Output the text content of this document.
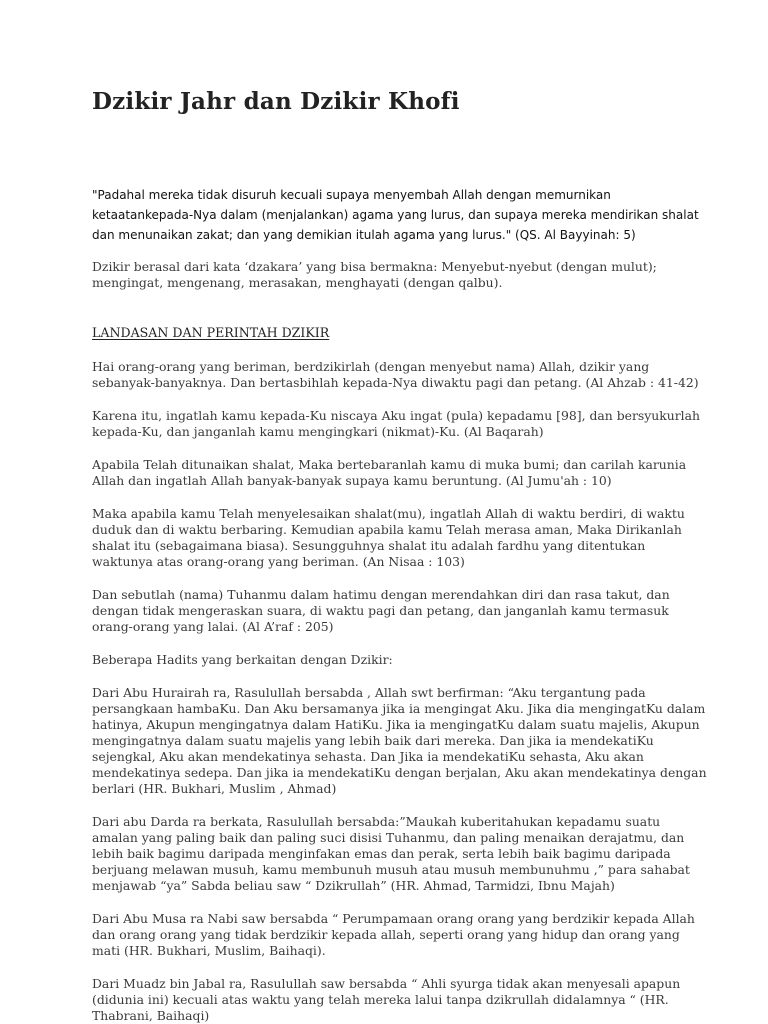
Dzikir Jahr dan Dzikir Khofi

"Padahal mereka tidak disuruh kecuali supaya menyembah Allah dengan memurnikan ketaatankepada-Nya dalam (menjalankan) agama yang lurus, dan supaya mereka mendirikan shalat dan menunaikan zakat; dan yang demikian itulah agama yang lurus." (QS. Al Bayyinah: 5)

Dzikir berasal dari kata ‘dzakara’ yang bisa bermakna: Menyebut-nyebut (dengan mulut); mengingat, mengenang, merasakan, menghayati (dengan qalbu).

LANDASAN DAN PERINTAH DZIKIR

Hai orang-orang yang beriman, berdzikirlah (dengan menyebut nama) Allah, dzikir yang sebanyak-banyaknya. Dan bertasbihlah kepada-Nya diwaktu pagi dan petang. (Al Ahzab : 41-42)

Karena itu, ingatlah kamu kepada-Ku niscaya Aku ingat (pula) kepadamu [98], dan bersyukurlah kepada-Ku, dan janganlah kamu mengingkari (nikmat)-Ku. (Al Baqarah)

Apabila Telah ditunaikan shalat, Maka bertebaranlah kamu di muka bumi; dan carilah karunia Allah dan ingatlah Allah banyak-banyak supaya kamu beruntung. (Al Jumu'ah : 10)

Maka apabila kamu Telah menyelesaikan shalat(mu), ingatlah Allah di waktu berdiri, di waktu duduk dan di waktu berbaring. Kemudian apabila kamu Telah merasa aman, Maka Dirikanlah shalat itu (sebagaimana biasa). Sesungguhnya shalat itu adalah fardhu yang ditentukan waktunya atas orang-orang yang beriman. (An Nisaa : 103)

Dan sebutlah (nama) Tuhanmu dalam hatimu dengan merendahkan diri dan rasa takut, dan dengan tidak mengeraskan suara, di waktu pagi dan petang, dan janganlah kamu termasuk orang-orang yang lalai. (Al A’raf : 205)

Beberapa Hadits yang berkaitan dengan Dzikir:

Dari Abu Hurairah ra, Rasulullah bersabda , Allah swt berfirman: “Aku tergantung pada persangkaan hambaKu. Dan Aku bersamanya jika ia mengingat Aku. Jika dia mengingatKu dalam hatinya, Akupun mengingatnya dalam HatiKu. Jika ia mengingatKu dalam suatu majelis, Akupun mengingatnya dalam suatu majelis yang lebih baik dari mereka. Dan jika ia mendekatiKu sejengkal, Aku akan mendekatinya sehasta. Dan Jika ia mendekatiKu sehasta, Aku akan mendekatinya sedepa. Dan jika ia mendekatiKu dengan berjalan, Aku akan mendekatinya dengan berlari (HR. Bukhari, Muslim , Ahmad)

Dari abu Darda ra berkata, Rasulullah bersabda:”Maukah kuberitahukan kepadamu suatu amalan yang paling baik dan paling suci disisi Tuhanmu, dan paling menaikan derajatmu, dan lebih baik bagimu daripada menginfakan emas dan perak, serta lebih baik bagimu daripada berjuang melawan musuh, kamu membunuh musuh atau musuh membunuhmu ,” para sahabat menjawab “ya” Sabda beliau saw “ Dzikrullah” (HR. Ahmad, Tarmidzi, Ibnu Majah)

Dari Abu Musa ra Nabi saw bersabda “ Perumpamaan orang orang yang berdzikir kepada Allah dan orang orang yang tidak berdzikir kepada allah, seperti orang yang hidup dan orang yang mati (HR. Bukhari, Muslim, Baihaqi).

Dari Muadz bin Jabal ra, Rasulullah saw bersabda “ Ahli syurga tidak akan menyesali apapun (didunia ini) kecuali atas waktu yang telah mereka lalui tanpa dzikrullah didalamnya “ (HR. Thabrani, Baihaqi)
